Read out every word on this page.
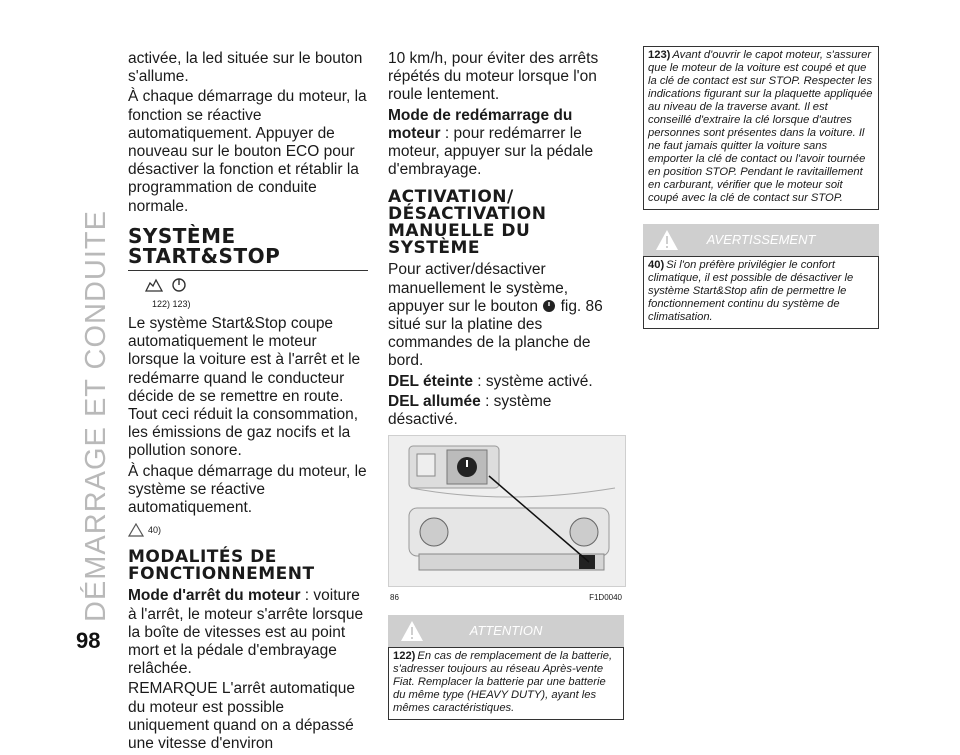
DÉMARRAGE ET CONDUITE
98

activée, la led située sur le bouton s'allume.

À chaque démarrage du moteur, la fonction se réactive automatiquement. Appuyer de nouveau sur le bouton ECO pour désactiver la fonction et rétablir la programmation de conduite normale.

SYSTÈME START&STOP
122) 123)

Le système Start&Stop coupe automatiquement le moteur lorsque la voiture est à l'arrêt et le redémarre quand le conducteur décide de se remettre en route. Tout ceci réduit la consommation, les émissions de gaz nocifs et la pollution sonore.

À chaque démarrage du moteur, le système se réactive automatiquement.

40)
MODALITÉS DE FONCTIONNEMENT

Mode d'arrêt du moteur : voiture à l'arrêt, le moteur s'arrête lorsque la boîte de vitesses est au point mort et la pédale d'embrayage relâchée.

REMARQUE L'arrêt automatique du moteur est possible uniquement quand on a dépassé une vitesse d'environ

10 km/h, pour éviter des arrêts répétés du moteur lorsque l'on roule lentement.

Mode de redémarrage du moteur : pour redémarrer le moteur, appuyer sur la pédale d'embrayage.

ACTIVATION/ DÉSACTIVATION MANUELLE DU SYSTÈME

Pour activer/désactiver manuellement le système, appuyer sur le bouton  fig. 86 situé sur la platine des commandes de la planche de bord.

DEL éteinte : système activé.

DEL allumée : système désactivé.

86	F1D0040
ATTENTION
122) En cas de remplacement de la batterie, s'adresser toujours au réseau Après-vente Fiat. Remplacer la batterie par une batterie du même type (HEAVY DUTY), ayant les mêmes caractéristiques.
123) Avant d'ouvrir le capot moteur, s'assurer que le moteur de la voiture est coupé et que la clé de contact est sur STOP. Respecter les indications figurant sur la plaquette appliquée au niveau de la traverse avant. Il est conseillé d'extraire la clé lorsque d'autres personnes sont présentes dans la voiture. Il ne faut jamais quitter la voiture sans emporter la clé de contact ou l'avoir tournée en position STOP. Pendant le ravitaillement en carburant, vérifier que le moteur soit coupé avec la clé de contact sur STOP.
AVERTISSEMENT
40) Si l'on préfère privilégier le confort climatique, il est possible de désactiver le système Start&Stop afin de permettre le fonctionnement continu du système de climatisation.
